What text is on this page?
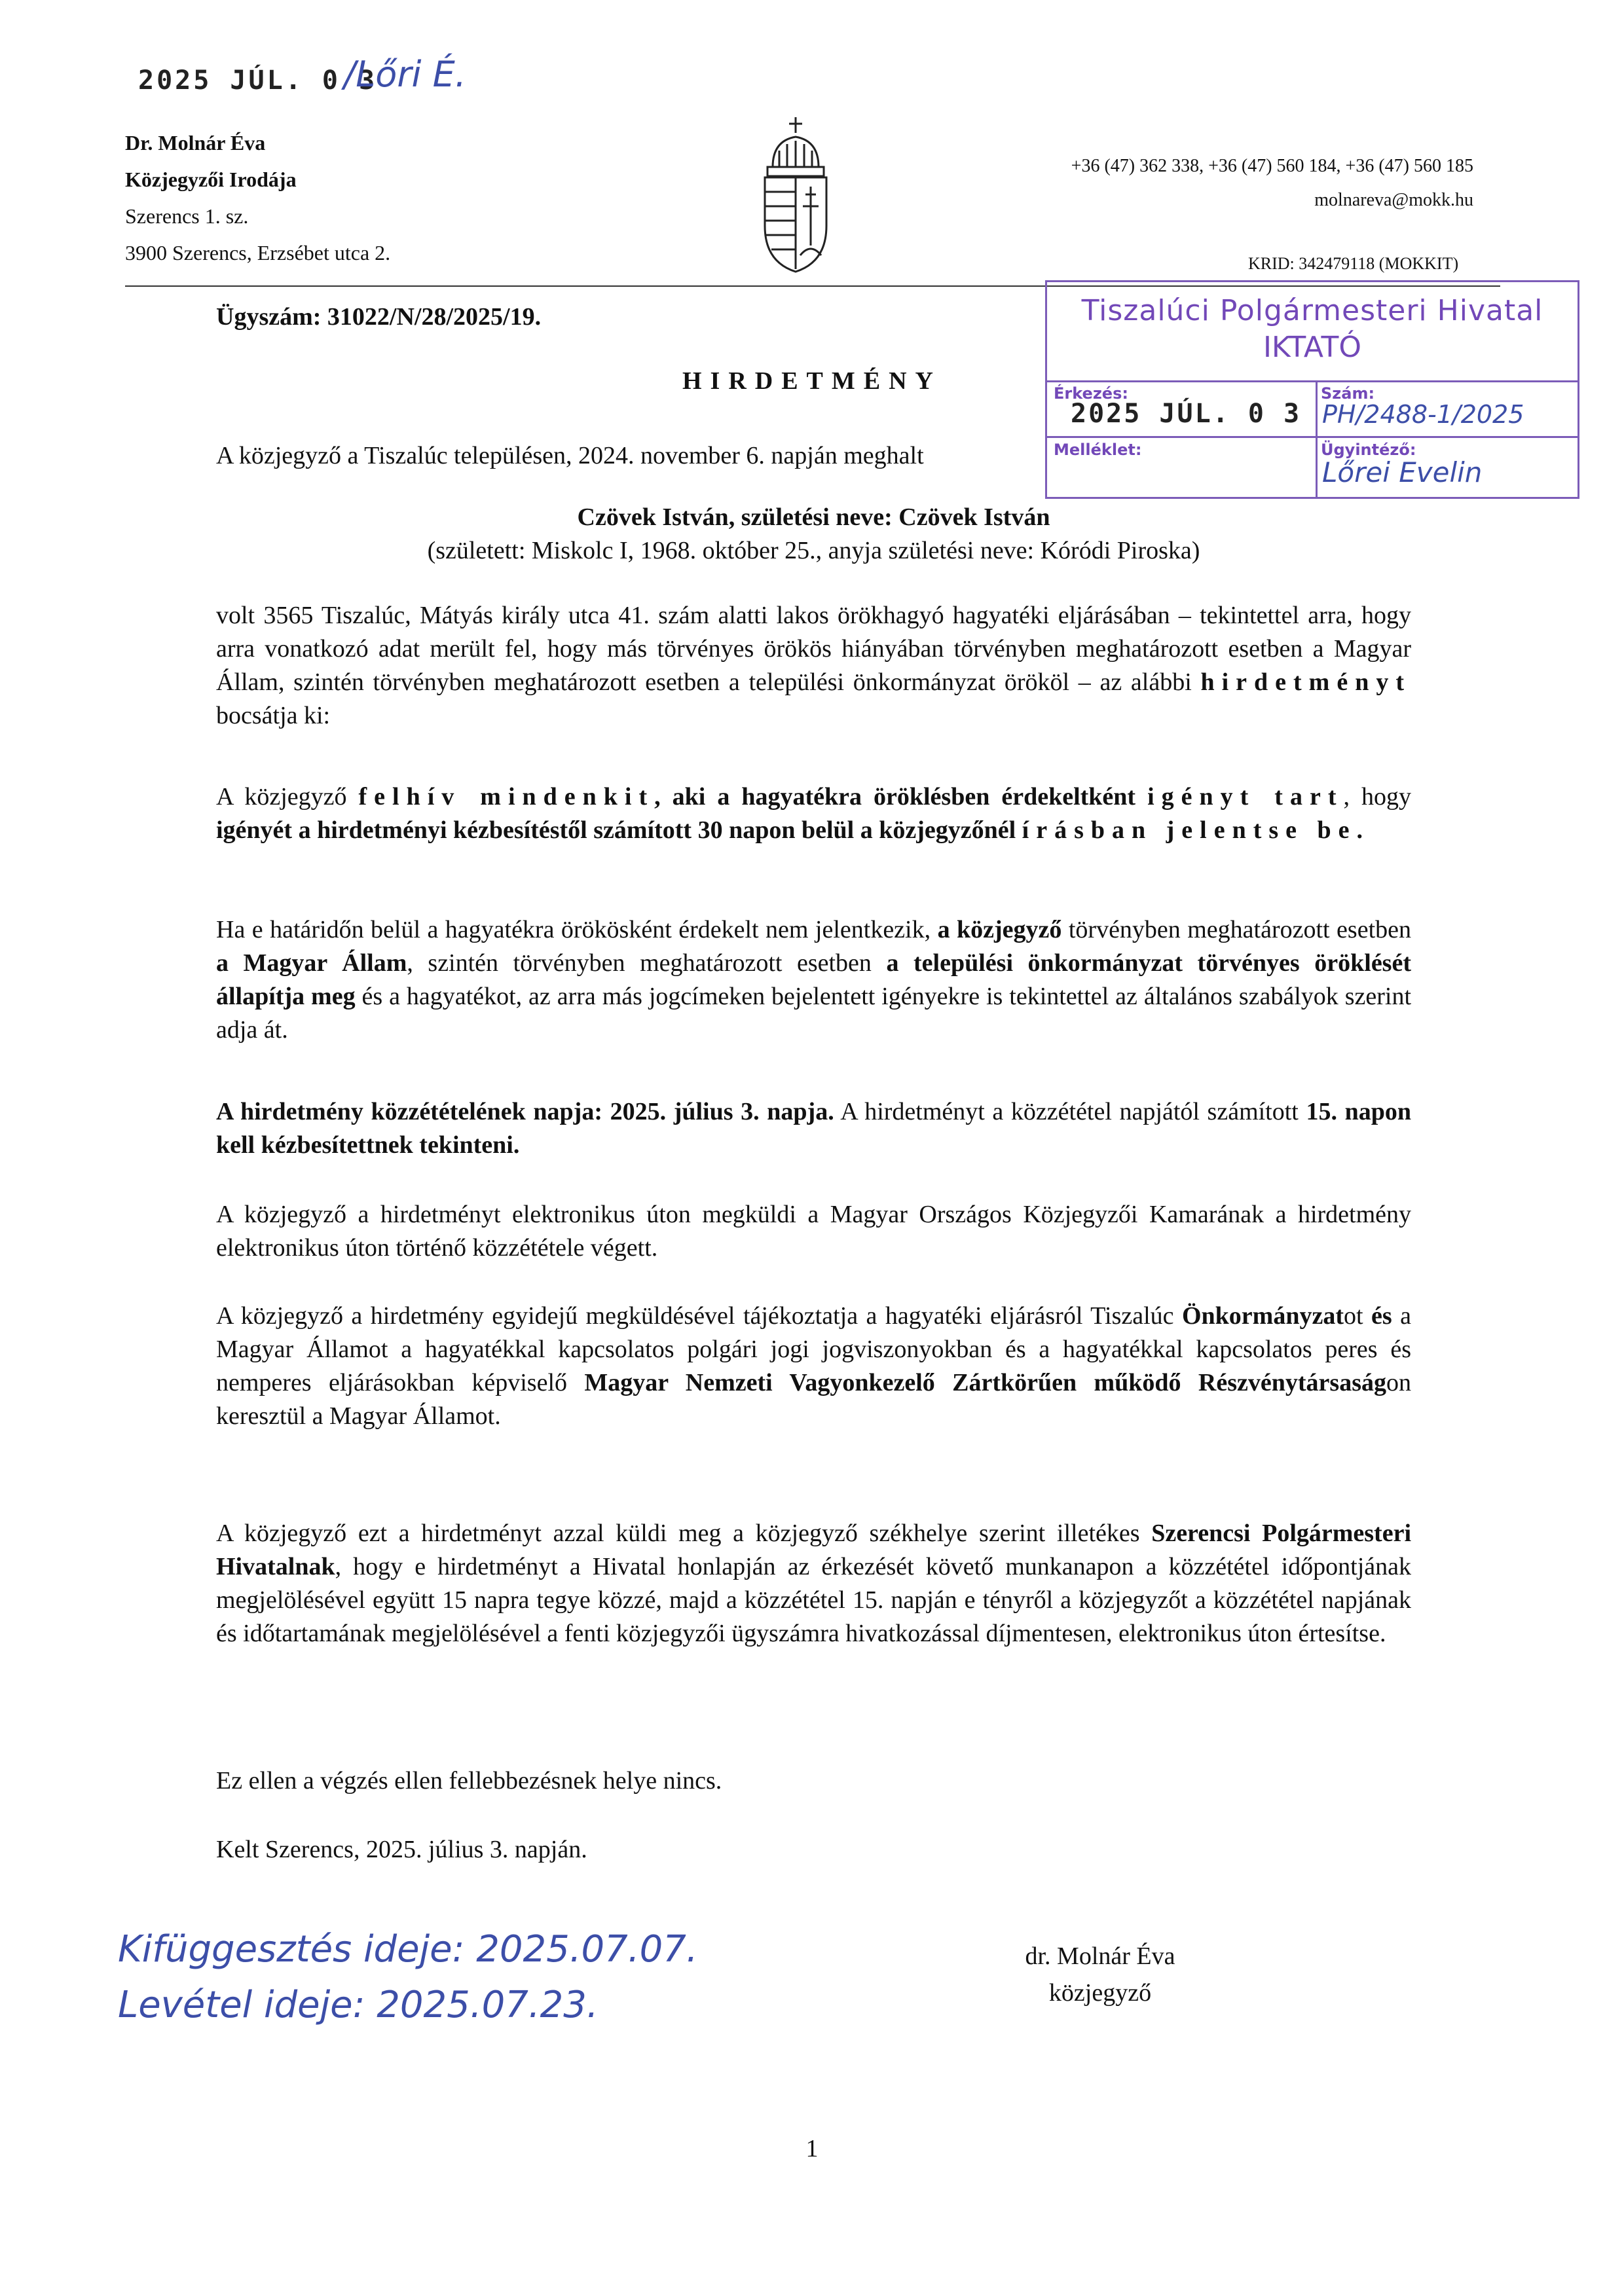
2025 JÚL. 0 3
/Lőri É.
Dr. Molnár Éva
Közjegyzői Irodája
Szerencs 1. sz.
3900 Szerencs, Erzsébet utca 2.
+36 (47) 362 338, +36 (47) 560 184, +36 (47) 560 185
molnareva@mokk.hu
KRID: 342479118 (MOKKIT)
Tiszalúci Polgármesteri Hivatal
IKTATÓ
Érkezés:
2025 JÚL. 0 3
Szám:
PH/2488-1/2025
Melléklet:	Ügyintéző:
Lőrei Evelin
Ügyszám: 31022/N/28/2025/19.
HIRDETMÉNY
A közjegyző a Tiszalúc településen, 2024. november 6. napján meghalt
Czövek István, születési neve: Czövek István
(született: Miskolc I, 1968. október 25., anyja születési neve: Kóródi Piroska)
volt 3565 Tiszalúc, Mátyás király utca 41. szám alatti lakos örökhagyó hagyatéki eljárásában – tekintettel arra, hogy arra vonatkozó adat merült fel, hogy más törvényes örökös hiányában törvényben meghatározott esetben a Magyar Állam, szintén törvényben meghatározott esetben a települési önkormányzat örököl – az alábbi hirdetményt bocsátja ki:
A közjegyző felhív mindenkit, aki a hagyatékra öröklésben érdekeltként igényt tart, hogy igényét a hirdetményi kézbesítéstől számított 30 napon belül a közjegyzőnél írásban jelentse be.
Ha e határidőn belül a hagyatékra örökösként érdekelt nem jelentkezik, a közjegyző törvényben meghatározott esetben a Magyar Állam, szintén törvényben meghatározott esetben a települési önkormányzat törvényes öröklését állapítja meg és a hagyatékot, az arra más jogcímeken bejelentett igényekre is tekintettel az általános szabályok szerint adja át.
A hirdetmény közzétételének napja: 2025. július 3. napja. A hirdetményt a közzététel napjától számított 15. napon kell kézbesítettnek tekinteni.
A közjegyző a hirdetményt elektronikus úton megküldi a Magyar Országos Közjegyzői Kamarának a hirdetmény elektronikus úton történő közzététele végett.
A közjegyző a hirdetmény egyidejű megküldésével tájékoztatja a hagyatéki eljárásról Tiszalúc Önkormányzatot és a Magyar Államot a hagyatékkal kapcsolatos polgári jogi jogviszonyokban és a hagyatékkal kapcsolatos peres és nemperes eljárásokban képviselő Magyar Nemzeti Vagyonkezelő Zártkörűen működő Részvénytársaságon keresztül a Magyar Államot.
A közjegyző ezt a hirdetményt azzal küldi meg a közjegyző székhelye szerint illetékes Szerencsi Polgármesteri Hivatalnak, hogy e hirdetményt a Hivatal honlapján az érkezését követő munkanapon a közzététel időpontjának megjelölésével együtt 15 napra tegye közzé, majd a közzététel 15. napján e tényről a közjegyzőt a közzététel napjának és időtartamának megjelölésével a fenti közjegyzői ügyszámra hivatkozással díjmentesen, elektronikus úton értesítse.
Ez ellen a végzés ellen fellebbezésnek helye nincs.
Kelt Szerencs, 2025. július 3. napján.
Kifüggesztés ideje: 2025.07.07.
Levétel ideje: 2025.07.23.
dr. Molnár Éva
közjegyző
1
